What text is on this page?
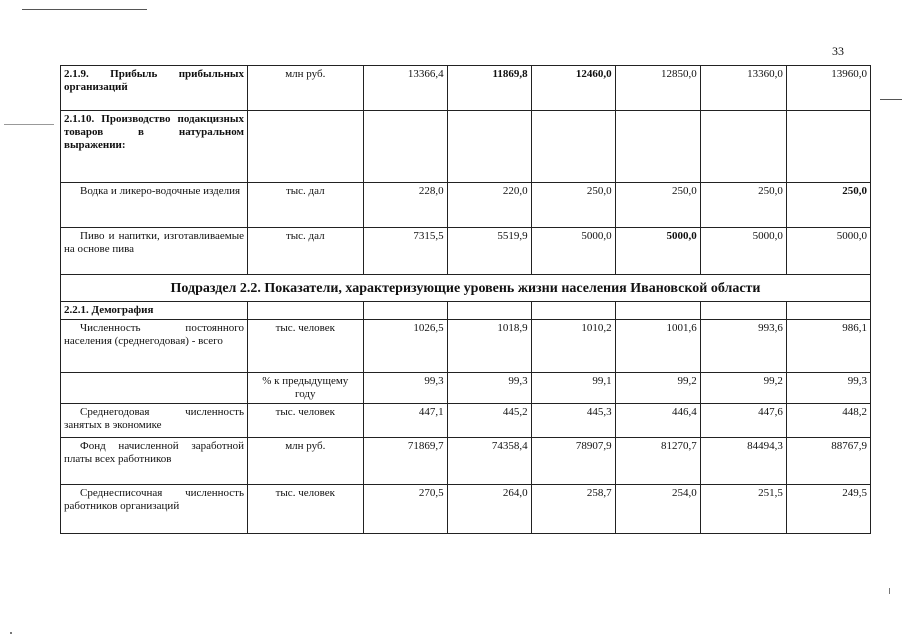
33
2.1.9. Прибыль прибыльных организаций	млн руб.	13366,4	11869,8	12460,0	12850,0	13360,0	13960,0
2.1.10. Производство подакцизных товаров в натуральном выражении:							
Водка и ликеро-водочные изделия	тыс. дал	228,0	220,0	250,0	250,0	250,0	250,0
Пиво и напитки, изготавливаемые на основе пива	тыс. дал	7315,5	5519,9	5000,0	5000,0	5000,0	5000,0
Подраздел 2.2. Показатели, характеризующие уровень жизни населения Ивановской области							
2.2.1. Демография							
Численность постоянного населения (среднегодовая) - всего	тыс. человек	1026,5	1018,9	1010,2	1001,6	993,6	986,1
	% к предыдущему году	99,3	99,3	99,1	99,2	99,2	99,3
Среднегодовая численность занятых в экономике	тыс. человек	447,1	445,2	445,3	446,4	447,6	448,2
Фонд начисленной заработной платы всех работников	млн руб.	71869,7	74358,4	78907,9	81270,7	84494,3	88767,9
Среднесписочная численность работников организаций	тыс. человек	270,5	264,0	258,7	254,0	251,5	249,5
